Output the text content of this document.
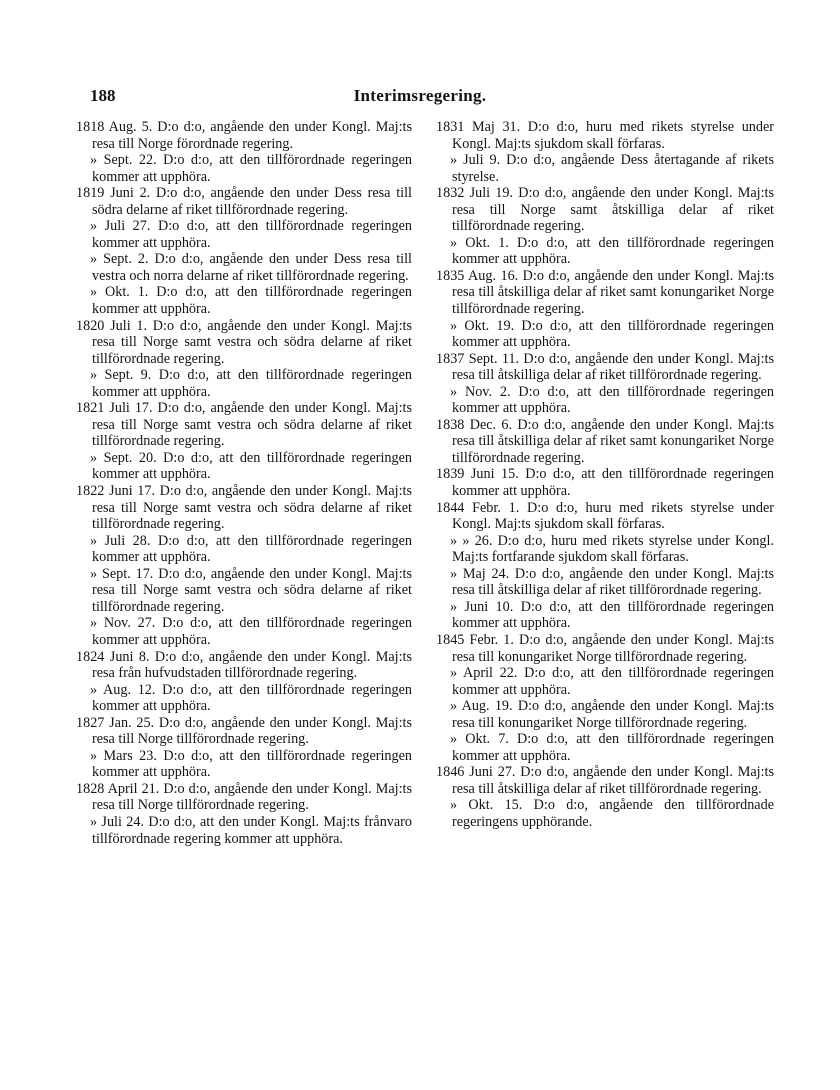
188	Interimsregering.
1818 Aug. 5. D:o d:o, angående den under Kongl. Maj:ts resa till Norge förordnade regering.
» Sept. 22. D:o d:o, att den tillförordnade regeringen kommer att upphöra.
1819 Juni 2. D:o d:o, angående den under Dess resa till södra delarne af riket tillförordnade regering.
» Juli 27. D:o d:o, att den tillförordnade regeringen kommer att upphöra.
» Sept. 2. D:o d:o, angående den under Dess resa till vestra och norra delarne af riket tillförordnade regering.
» Okt. 1. D:o d:o, att den tillförordnade regeringen kommer att upphöra.
1820 Juli 1. D:o d:o, angående den under Kongl. Maj:ts resa till Norge samt vestra och södra delarne af riket tillförordnade regering.
» Sept. 9. D:o d:o, att den tillförordnade regeringen kommer att upphöra.
1821 Juli 17. D:o d:o, angående den under Kongl. Maj:ts resa till Norge samt vestra och södra delarne af riket tillförordnade regering.
» Sept. 20. D:o d:o, att den tillförordnade regeringen kommer att upphöra.
1822 Juni 17. D:o d:o, angående den under Kongl. Maj:ts resa till Norge samt vestra och södra delarne af riket tillförordnade regering.
» Juli 28. D:o d:o, att den tillförordnade regeringen kommer att upphöra.
» Sept. 17. D:o d:o, angående den under Kongl. Maj:ts resa till Norge samt vestra och södra delarne af riket tillförordnade regering.
» Nov. 27. D:o d:o, att den tillförordnade regeringen kommer att upphöra.
1824 Juni 8. D:o d:o, angående den under Kongl. Maj:ts resa från hufvudstaden tillförordnade regering.
» Aug. 12. D:o d:o, att den tillförordnade regeringen kommer att upphöra.
1827 Jan. 25. D:o d:o, angående den under Kongl. Maj:ts resa till Norge tillförordnade regering.
» Mars 23. D:o d:o, att den tillförordnade regeringen kommer att upphöra.
1828 April 21. D:o d:o, angående den under Kongl. Maj:ts resa till Norge tillförordnade regering.
» Juli 24. D:o d:o, att den under Kongl. Maj:ts frånvaro tillförordnade regering kommer att upphöra.
1831 Maj 31. D:o d:o, huru med rikets styrelse under Kongl. Maj:ts sjukdom skall förfaras.
» Juli 9. D:o d:o, angående Dess återtagande af rikets styrelse.
1832 Juli 19. D:o d:o, angående den under Kongl. Maj:ts resa till Norge samt åtskilliga delar af riket tillförordnade regering.
» Okt. 1. D:o d:o, att den tillförordnade regeringen kommer att upphöra.
1835 Aug. 16. D:o d:o, angående den under Kongl. Maj:ts resa till åtskilliga delar af riket samt konungariket Norge tillförordnade regering.
» Okt. 19. D:o d:o, att den tillförordnade regeringen kommer att upphöra.
1837 Sept. 11. D:o d:o, angående den under Kongl. Maj:ts resa till åtskilliga delar af riket tillförordnade regering.
» Nov. 2. D:o d:o, att den tillförordnade regeringen kommer att upphöra.
1838 Dec. 6. D:o d:o, angående den under Kongl. Maj:ts resa till åtskilliga delar af riket samt konungariket Norge tillförordnade regering.
1839 Juni 15. D:o d:o, att den tillförordnade regeringen kommer att upphöra.
1844 Febr. 1. D:o d:o, huru med rikets styrelse under Kongl. Maj:ts sjukdom skall förfaras.
» » 26. D:o d:o, huru med rikets styrelse under Kongl. Maj:ts fortfarande sjukdom skall förfaras.
» Maj 24. D:o d:o, angående den under Kongl. Maj:ts resa till åtskilliga delar af riket tillförordnade regering.
» Juni 10. D:o d:o, att den tillförordnade regeringen kommer att upphöra.
1845 Febr. 1. D:o d:o, angående den under Kongl. Maj:ts resa till konungariket Norge tillförordnade regering.
» April 22. D:o d:o, att den tillförordnade regeringen kommer att upphöra.
» Aug. 19. D:o d:o, angående den under Kongl. Maj:ts resa till konungariket Norge tillförordnade regering.
» Okt. 7. D:o d:o, att den tillförordnade regeringen kommer att upphöra.
1846 Juni 27. D:o d:o, angående den under Kongl. Maj:ts resa till åtskilliga delar af riket tillförordnade regering.
» Okt. 15. D:o d:o, angående den tillförordnade regeringens upphörande.
